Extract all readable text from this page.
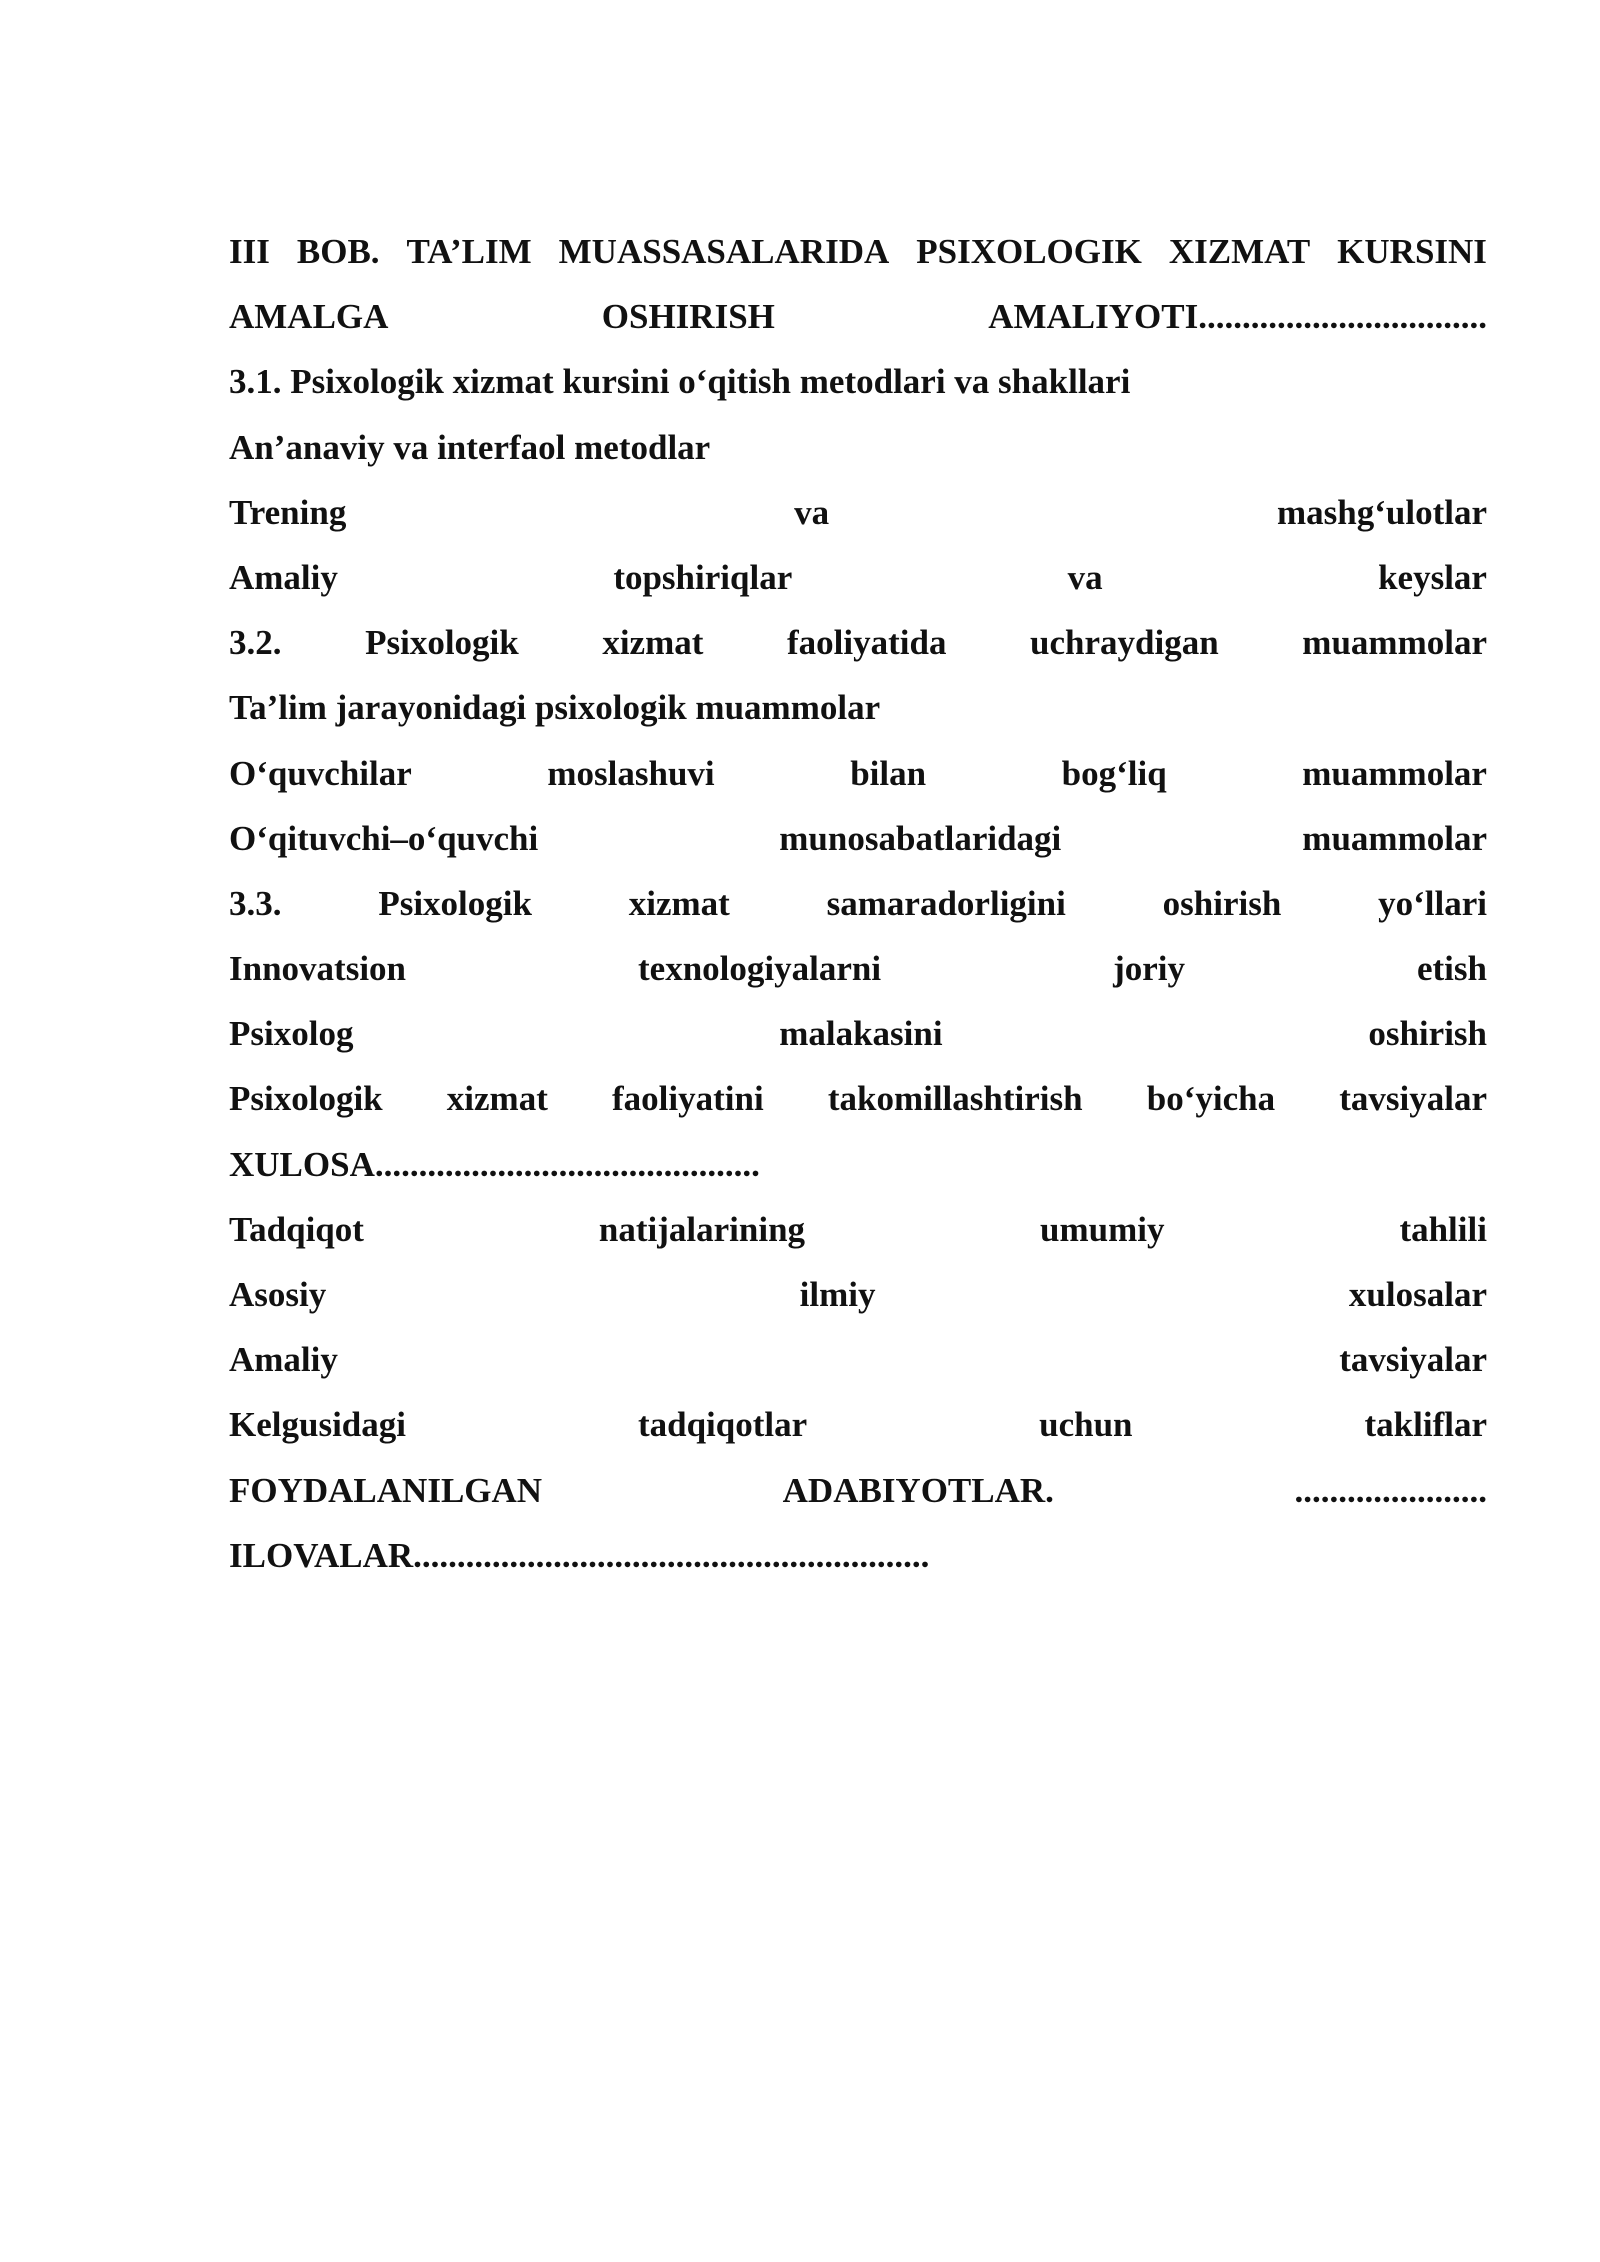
III BOB. TA’LIM MUASSASALARIDA PSIXOLOGIK XIZMAT KURSINI
AMALGA	OSHIRISH	AMALIYOTI.................................
3.1. Psixologik xizmat kursini o‘qitish metodlari va shakllari
An’anaviy va interfaol metodlar
Trening	va	mashg‘ulotlar
Amaliy	topshiriqlar	va	keyslar
3.2. Psixologik xizmat faoliyatida uchraydigan muammolar
Ta’lim jarayonidagi psixologik muammolar
O‘quvchilar	moslashuvi	bilan	bog‘liq	muammolar
O‘qituvchi–o‘quvchi	munosabatlaridagi	muammolar
3.3.	Psixologik	xizmat	samaradorligini	oshirish	yo‘llari
Innovatsion	texnologiyalarni	joriy	etish
Psixolog	malakasini	oshirish
Psixologik xizmat faoliyatini takomillashtirish bo‘yicha tavsiyalar
XULOSA............................................
Tadqiqot	natijalarining	umumiy	tahlili
Asosiy	ilmiy	xulosalar
Amaliy	tavsiyalar
Kelgusidagi	tadqiqotlar	uchun	takliflar
FOYDALANILGAN	ADABIYOTLAR.	......................
ILOVALAR...........................................................
